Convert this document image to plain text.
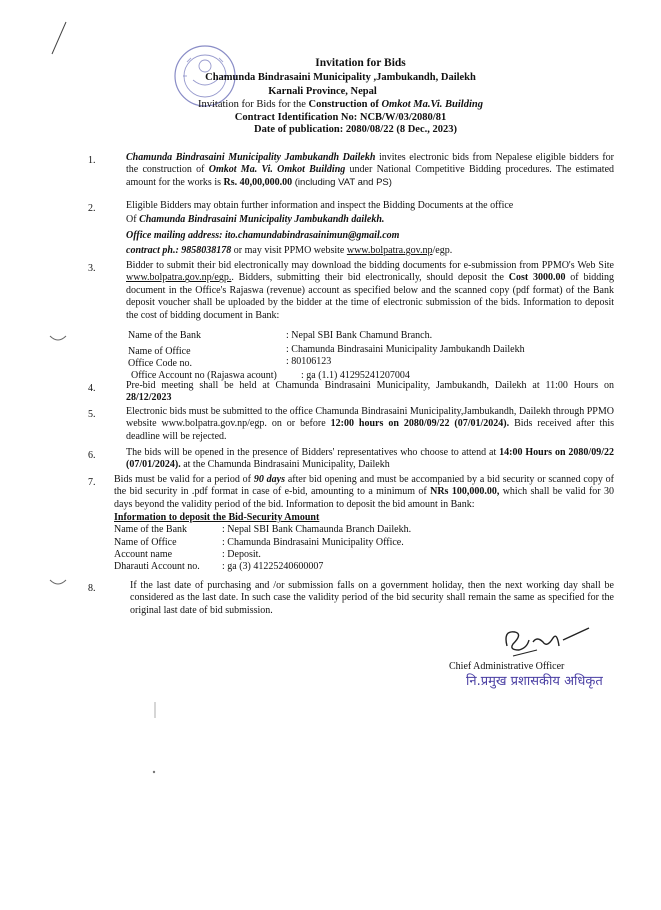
Invitation for Bids
Chamunda Bindrasaini Municipality ,Jambukandh, Dailekh
Karnali Province, Nepal
Invitation for Bids for the Construction of Omkot Ma.Vi. Building
Contract Identification No: NCB/W/03/2080/81
Date of publication: 2080/08/22 (8 Dec., 2023)
1.	Chamunda Bindrasaini Municipality Jambukandh Dailekh invites electronic bids from Nepalese eligible bidders for the construction of Omkot Ma. Vi. Omkot Building under National Competitive Bidding procedures. The estimated amount for the works is Rs. 40,00,000.00 (including VAT and PS)
2.	Eligible Bidders may obtain further information and inspect the Bidding Documents at the office
Of Chamunda Bindrasaini Municipality Jambukandh dailekh.
Office mailing address: ito.chamundabindrasainimun@gmail.com
contract ph.: 9858038178 or may visit PPMO website www.bolpatra.gov.np/egp.
3.	Bidder to submit their bid electronically may download the bidding documents for e-submission from PPMO's Web Site www.bolpatra.gov.np/egp.. Bidders, submitting their bid electronically, should deposit the Cost 3000.00 of bidding document in the Office's Rajaswa (revenue) account as specified below and the scanned copy (pdf format) of the Bank deposit voucher shall be uploaded by the bidder at the time of electronic submission of the bids. Information to deposit the cost of bidding document in Bank:
Name of the Bank	: Nepal SBI Bank Chamund Branch.
Name of Office	: Chamunda Bindrasaini Municipality Jambukandh Dailekh
Office Code no.	: 80106123
Office Account no (Rajaswa acount) : ga (1.1) 41295241207004
4.	Pre-bid meeting shall be held at Chamunda Bindrasaini Municipality, Jambukandh, Dailekh at 11:00 Hours on 28/12/2023
5.	Electronic bids must be submitted to the office Chamunda Bindrasaini Municipality,Jambukandh, Dailekh through PPMO website www.bolpatra.gov.np/egp. on or before 12:00 hours on 2080/09/22 (07/01/2024). Bids received after this deadline will be rejected.
6.	The bids will be opened in the presence of Bidders' representatives who choose to attend at 14:00 Hours on 2080/09/22 (07/01/2024). at the Chamunda Bindrasaini Municipality, Dailekh
7. Bids must be valid for a period of 90 days after bid opening and must be accompanied by a bid security or scanned copy of the bid security in .pdf format in case of e-bid, amounting to a minimum of NRs 100,000.00, which shall be valid for 30 days beyond the validity period of the bid. Information to deposit the bid amount in Bank:
Information to deposit the Bid-Security Amount
Name of the Bank	: Nepal SBI Bank Chamaunda Branch Dailekh.
Name of Office	: Chamunda Bindrasaini Municipality Office.
Account name	: Deposit.
Dharauti Account no. : ga (3) 41225240600007
8.	If the last date of purchasing and /or submission falls on a government holiday, then the next working day shall be considered as the last date. In such case the validity period of the bid security shall remain the same as specified for the original last date of bid submission.
Chief Administrative Officer
नि.प्रमुख प्रशासकीय अधिकृत
